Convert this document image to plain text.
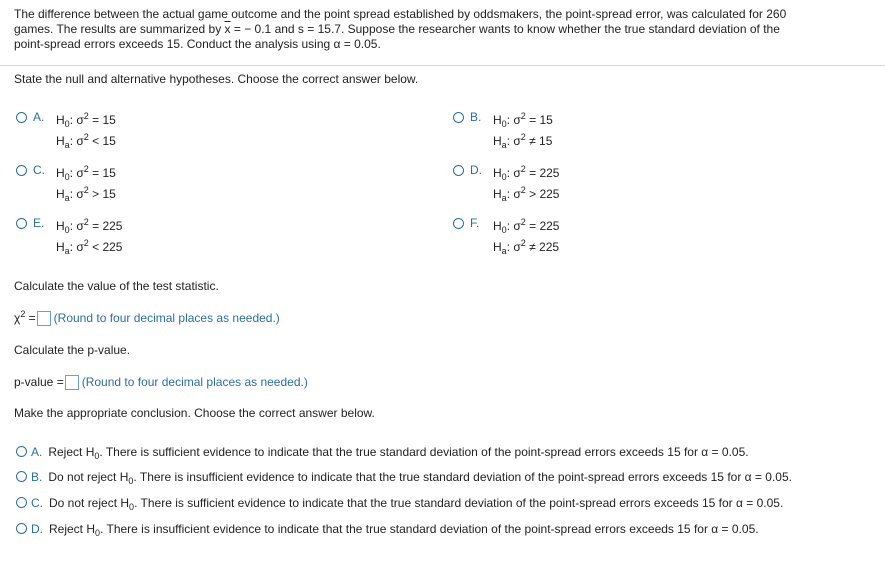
The difference between the actual game outcome and the point spread established by oddsmakers, the point-spread error, was calculated for 260
games. The results are summarized by $\overline{x}$ = − 0.1 and s = 15.7. Suppose the researcher wants to know whether the true standard deviation of the
point-spread errors exceeds 15. Conduct the analysis using α = 0.05.
State the null and alternative hypotheses. Choose the correct answer below.
A. $H_0$: $\sigma^2 = 15$
$H_a$: $\sigma^2 < 15$
B. $H_0$: $\sigma^2 = 15$
$H_a$: $\sigma^2 \ne 15$
C. $H_0$: $\sigma^2 = 15$
$H_a$: $\sigma^2 > 15$
D. $H_0$: $\sigma^2 = 225$
$H_a$: $\sigma^2 > 225$
E. $H_0$: $\sigma^2 = 225$
$H_a$: $\sigma^2 < 225$
F. $H_0$: $\sigma^2 = 225$
$H_a$: $\sigma^2 \ne 225$
Calculate the value of the test statistic.
$\chi^2$ = (Round to four decimal places as needed.)
Calculate the p-value.
p-value = (Round to four decimal places as needed.)
Make the appropriate conclusion. Choose the correct answer below.
A. Reject $H_0$. There is sufficient evidence to indicate that the true standard deviation of the point-spread errors exceeds 15 for α = 0.05.
B. Do not reject $H_0$. There is insufficient evidence to indicate that the true standard deviation of the point-spread errors exceeds 15 for α = 0.05.
C. Do not reject $H_0$. There is sufficient evidence to indicate that the true standard deviation of the point-spread errors exceeds 15 for α = 0.05.
D. Reject $H_0$. There is insufficient evidence to indicate that the true standard deviation of the point-spread errors exceeds 15 for α = 0.05.
